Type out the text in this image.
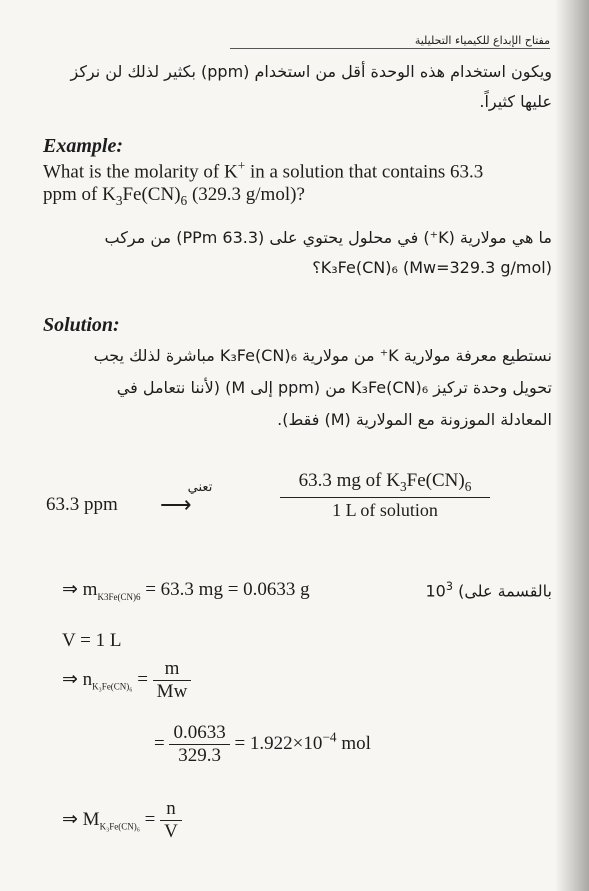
مفتاح الإبداع للكيمياء التحليلية
ويكون استخدام هذه الوحدة أقل من استخدام (ppm) بكثير لذلك لن نركز
عليها كثيراً.
Example:
What is the molarity of K+ in a solution that contains 63.3
ppm of $K_3Fe(CN)_6$ (329.3 g/mol)?
ما هي مولارية (K⁺) في محلول يحتوي على (63.3 PPm) من مركب
K₃Fe(CN)₆ (Mw=329.3 g/mol)؟
Solution:
نستطيع معرفة مولارية K⁺ من مولارية K₃Fe(CN)₆ مباشرة لذلك يجب
تحويل وحدة تركيز K₃Fe(CN)₆ من (ppm إلى M) (لأننا نتعامل في
المعادلة الموزونة مع المولارية (M) فقط).
63.3 ppm
تعني
⟶
63.3 mg of $K_3Fe(CN)_6$
1 L of solution
⇒ $m_{K3Fe(CN)6} = 63.3$ mg = 0.0633 g	$10^3$ (بالقسمة على
V = 1 L
⇒ $n_{K_3Fe(CN)_6} = \frac{m}{Mw}$
= $\frac{0.0633}{329.3} = 1.922\times 10^{-4}$ mol
⇒ $M_{K_3Fe(CN)_6} = \frac{n}{V}$
